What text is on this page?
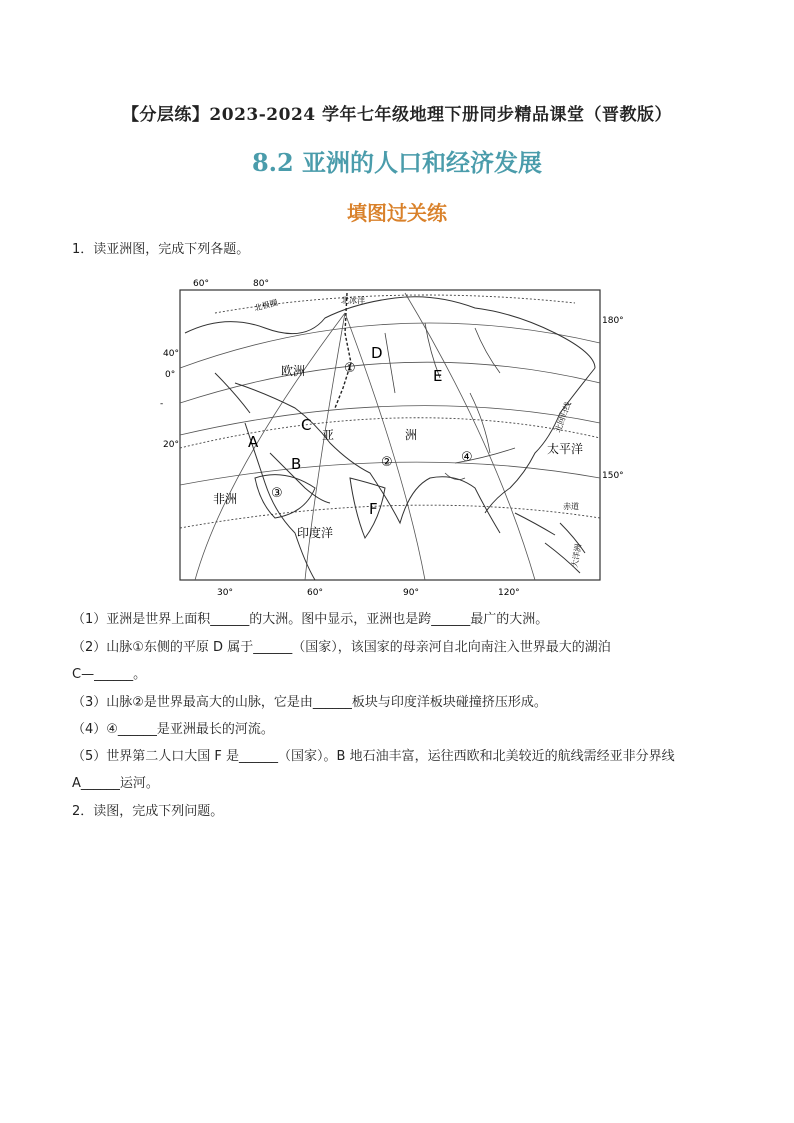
【分层练】2023-2024 学年七年级地理下册同步精品课堂（晋教版）
8.2 亚洲的人口和经济发展
填图过关练
1．读亚洲图，完成下列各题。
60°	80°
30°	60°	90°	120°
40°
0°
20°
180°
150°
-
A
B
C
D
E
F
①
②
③
④
欧洲
亚	洲
非洲
印度洋
太平洋
北冰洋
北极圈
北回归线
赤道
大洋洲
（1）亚洲是世界上面积______的大洲。图中显示，亚洲也是跨______最广的大洲。
（2）山脉①东侧的平原 D 属于______（国家），该国家的母亲河自北向南注入世界最大的湖泊
C—______。
（3）山脉②是世界最高大的山脉，它是由______板块与印度洋板块碰撞挤压形成。
（4）④______是亚洲最长的河流。
（5）世界第二人口大国 F 是______（国家）。B 地石油丰富，运往西欧和北美较近的航线需经亚非分界线
A______运河。
2．读图，完成下列问题。
